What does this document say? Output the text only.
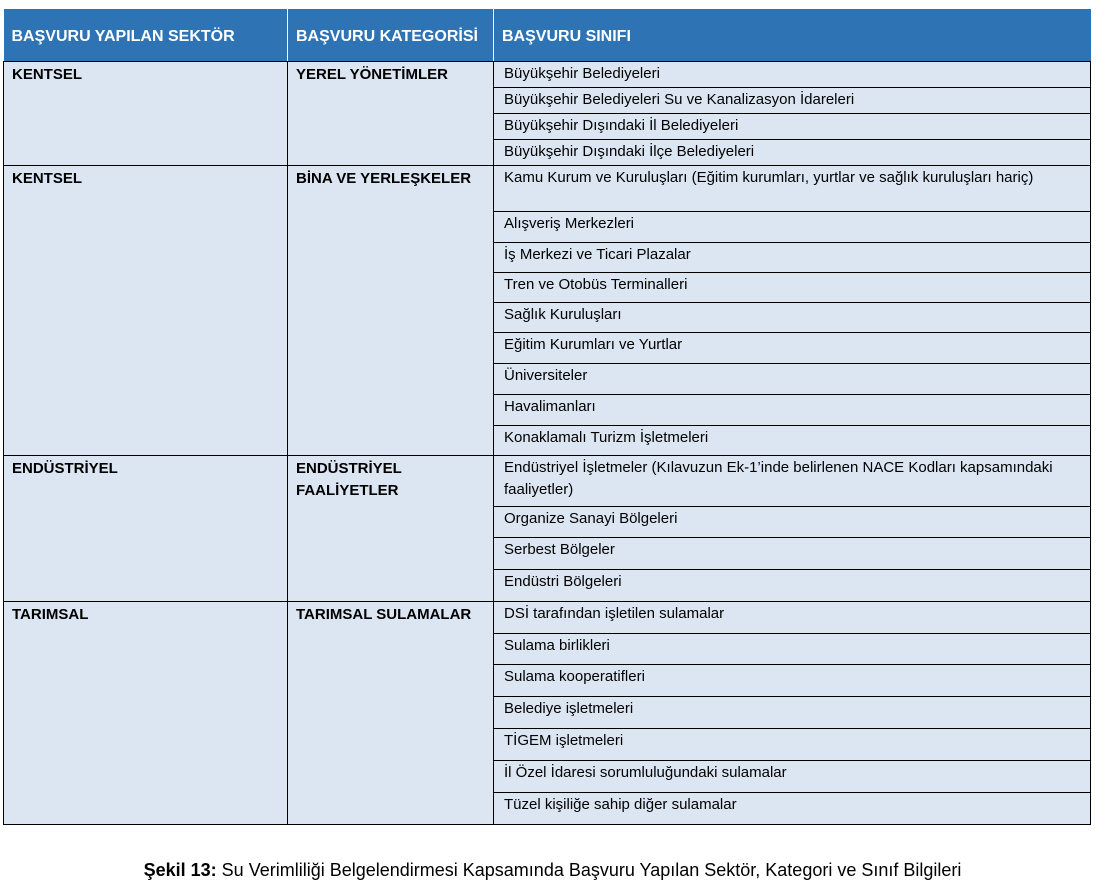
BAŞVURU YAPILAN SEKTÖR	BAŞVURU KATEGORİSİ	BAŞVURU SINIFI
KENTSEL	YEREL YÖNETİMLER	Büyükşehir Belediyeleri
		Büyükşehir Belediyeleri Su ve Kanalizasyon İdareleri
		Büyükşehir Dışındaki İl Belediyeleri
		Büyükşehir Dışındaki İlçe Belediyeleri
KENTSEL	BİNA VE YERLEŞKELER	Kamu Kurum ve Kuruluşları (Eğitim kurumları, yurtlar ve sağlık kuruluşları hariç)
		Alışveriş Merkezleri
		İş Merkezi ve Ticari Plazalar
		Tren ve Otobüs Terminalleri
		Sağlık Kuruluşları
		Eğitim Kurumları ve Yurtlar
		Üniversiteler
		Havalimanları
		Konaklamalı Turizm İşletmeleri
ENDÜSTRİYEL	ENDÜSTRİYEL FAALİYETLER	Endüstriyel İşletmeler (Kılavuzun Ek-1’inde belirlenen NACE Kodları kapsamındaki faaliyetler)
		Organize Sanayi Bölgeleri
		Serbest Bölgeler
		Endüstri Bölgeleri
TARIMSAL	TARIMSAL SULAMALAR	DSİ tarafından işletilen sulamalar
		Sulama birlikleri
		Sulama kooperatifleri
		Belediye işletmeleri
		TİGEM işletmeleri
		İl Özel İdaresi sorumluluğundaki sulamalar
		Tüzel kişiliğe sahip diğer sulamalar
Şekil 13: Su Verimliliği Belgelendirmesi Kapsamında Başvuru Yapılan Sektör, Kategori ve Sınıf Bilgileri
